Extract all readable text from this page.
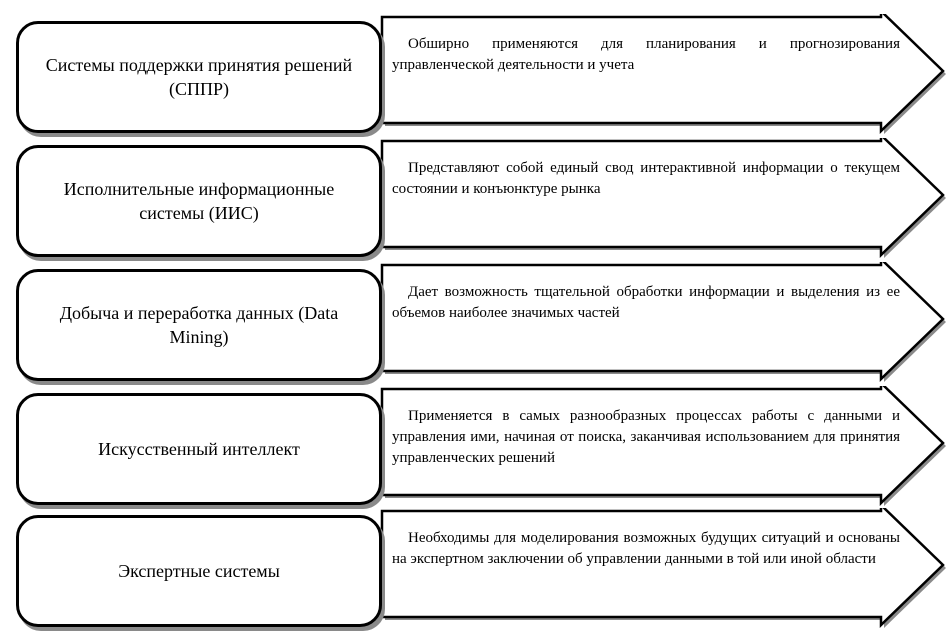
Системы поддержки принятия решений (СППР)
Обширно применяются для планирования и прогнозирования управленческой деятельности и учета
Исполнительные информационные системы (ИИС)
Представляют собой единый свод интерактивной информации о текущем состоянии и конъюнктуре рынка
Добыча и переработка данных (Data Mining)
Дает возможность тщательной обработки информации и выделения из ее объемов наиболее значимых частей
Искусственный интеллект
Применяется в самых разнообразных процессах работы с данными и управления ими, начиная от поиска, заканчивая использованием для принятия управленческих решений
Экспертные системы
Необходимы для моделирования возможных будущих ситуаций и основаны на экспертном заключении об управлении данными в той или иной области
